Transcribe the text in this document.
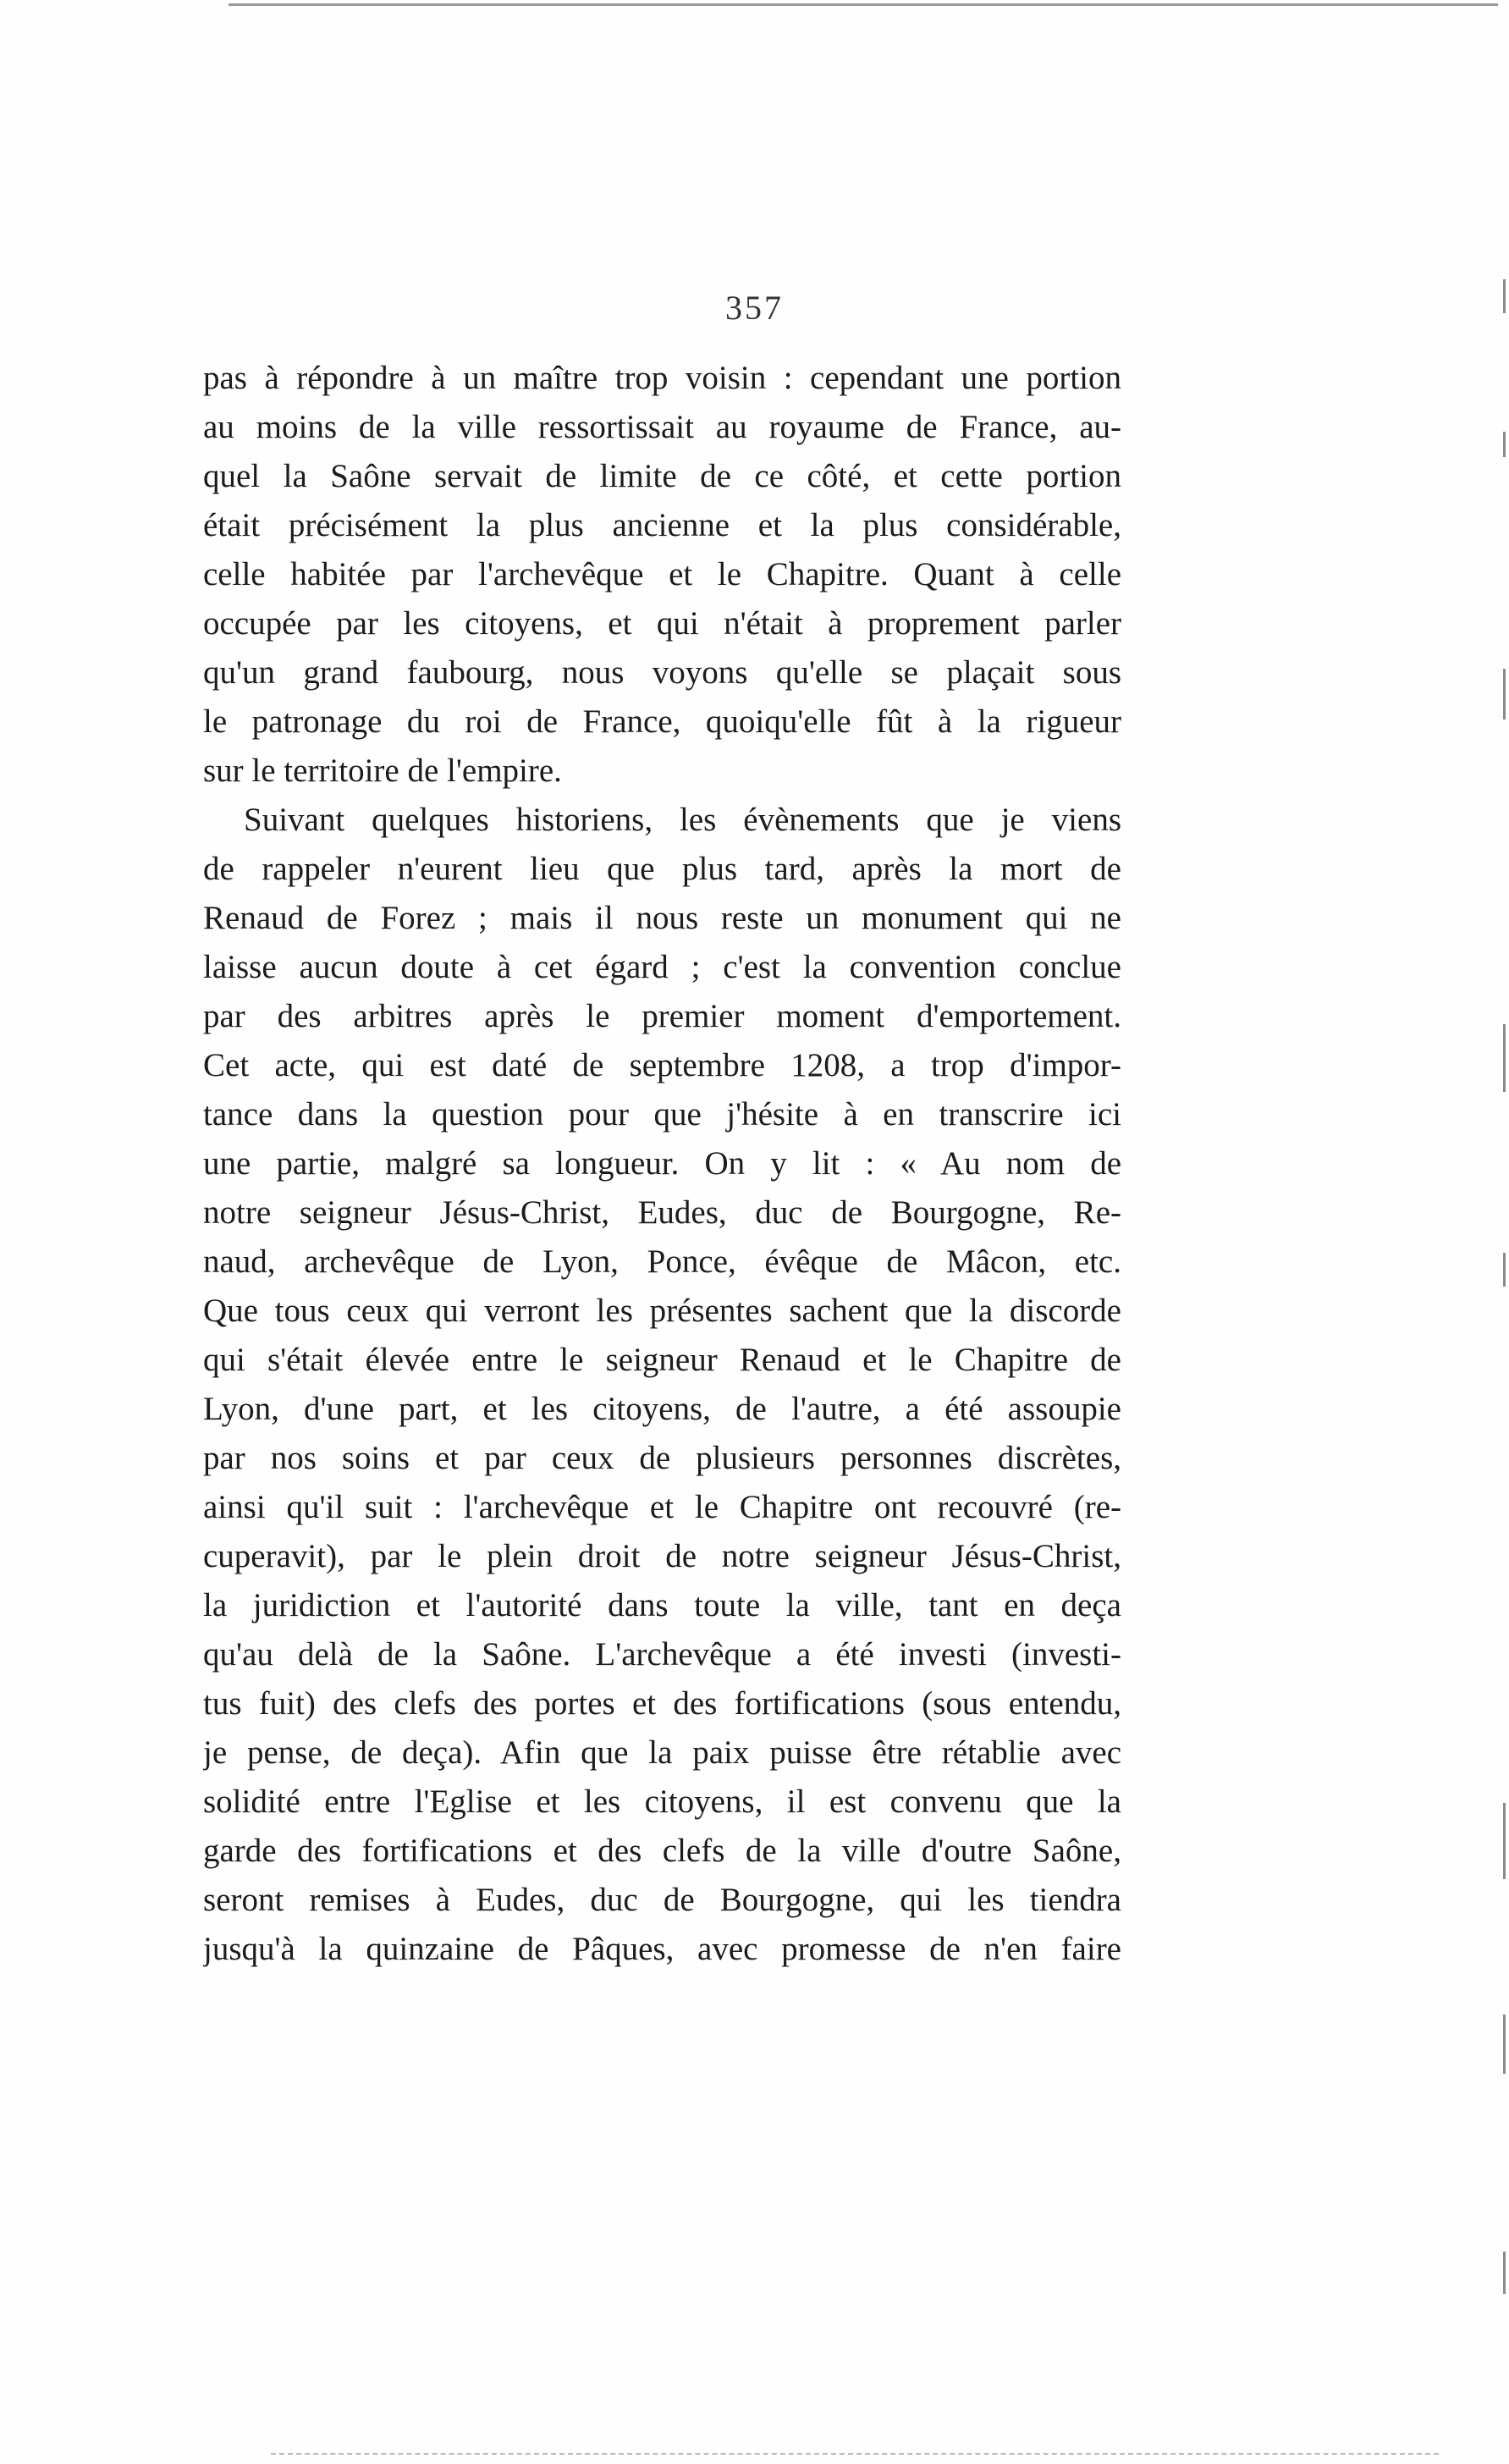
357
pas à répondre à un maître trop voisin : cependant une portion
au moins de la ville ressortissait au royaume de France, au-
quel la Saône servait de limite de ce côté, et cette portion
était précisément la plus ancienne et la plus considérable,
celle habitée par l'archevêque et le Chapitre. Quant à celle
occupée par les citoyens, et qui n'était à proprement parler
qu'un grand faubourg, nous voyons qu'elle se plaçait sous
le patronage du roi de France, quoiqu'elle fût à la rigueur
sur le territoire de l'empire.
Suivant quelques historiens, les évènements que je viens
de rappeler n'eurent lieu que plus tard, après la mort de
Renaud de Forez ; mais il nous reste un monument qui ne
laisse aucun doute à cet égard ; c'est la convention conclue
par des arbitres après le premier moment d'emportement.
Cet acte, qui est daté de septembre 1208, a trop d'impor-
tance dans la question pour que j'hésite à en transcrire ici
une partie, malgré sa longueur. On y lit : « Au nom de
notre seigneur Jésus-Christ, Eudes, duc de Bourgogne, Re-
naud, archevêque de Lyon, Ponce, évêque de Mâcon, etc.
Que tous ceux qui verront les présentes sachent que la discorde
qui s'était élevée entre le seigneur Renaud et le Chapitre de
Lyon, d'une part, et les citoyens, de l'autre, a été assoupie
par nos soins et par ceux de plusieurs personnes discrètes,
ainsi qu'il suit : l'archevêque et le Chapitre ont recouvré (re-
cuperavit), par le plein droit de notre seigneur Jésus-Christ,
la juridiction et l'autorité dans toute la ville, tant en deça
qu'au delà de la Saône. L'archevêque a été investi (investi-
tus fuit) des clefs des portes et des fortifications (sous entendu,
je pense, de deça). Afin que la paix puisse être rétablie avec
solidité entre l'Eglise et les citoyens, il est convenu que la
garde des fortifications et des clefs de la ville d'outre Saône,
seront remises à Eudes, duc de Bourgogne, qui les tiendra
jusqu'à la quinzaine de Pâques, avec promesse de n'en faire
